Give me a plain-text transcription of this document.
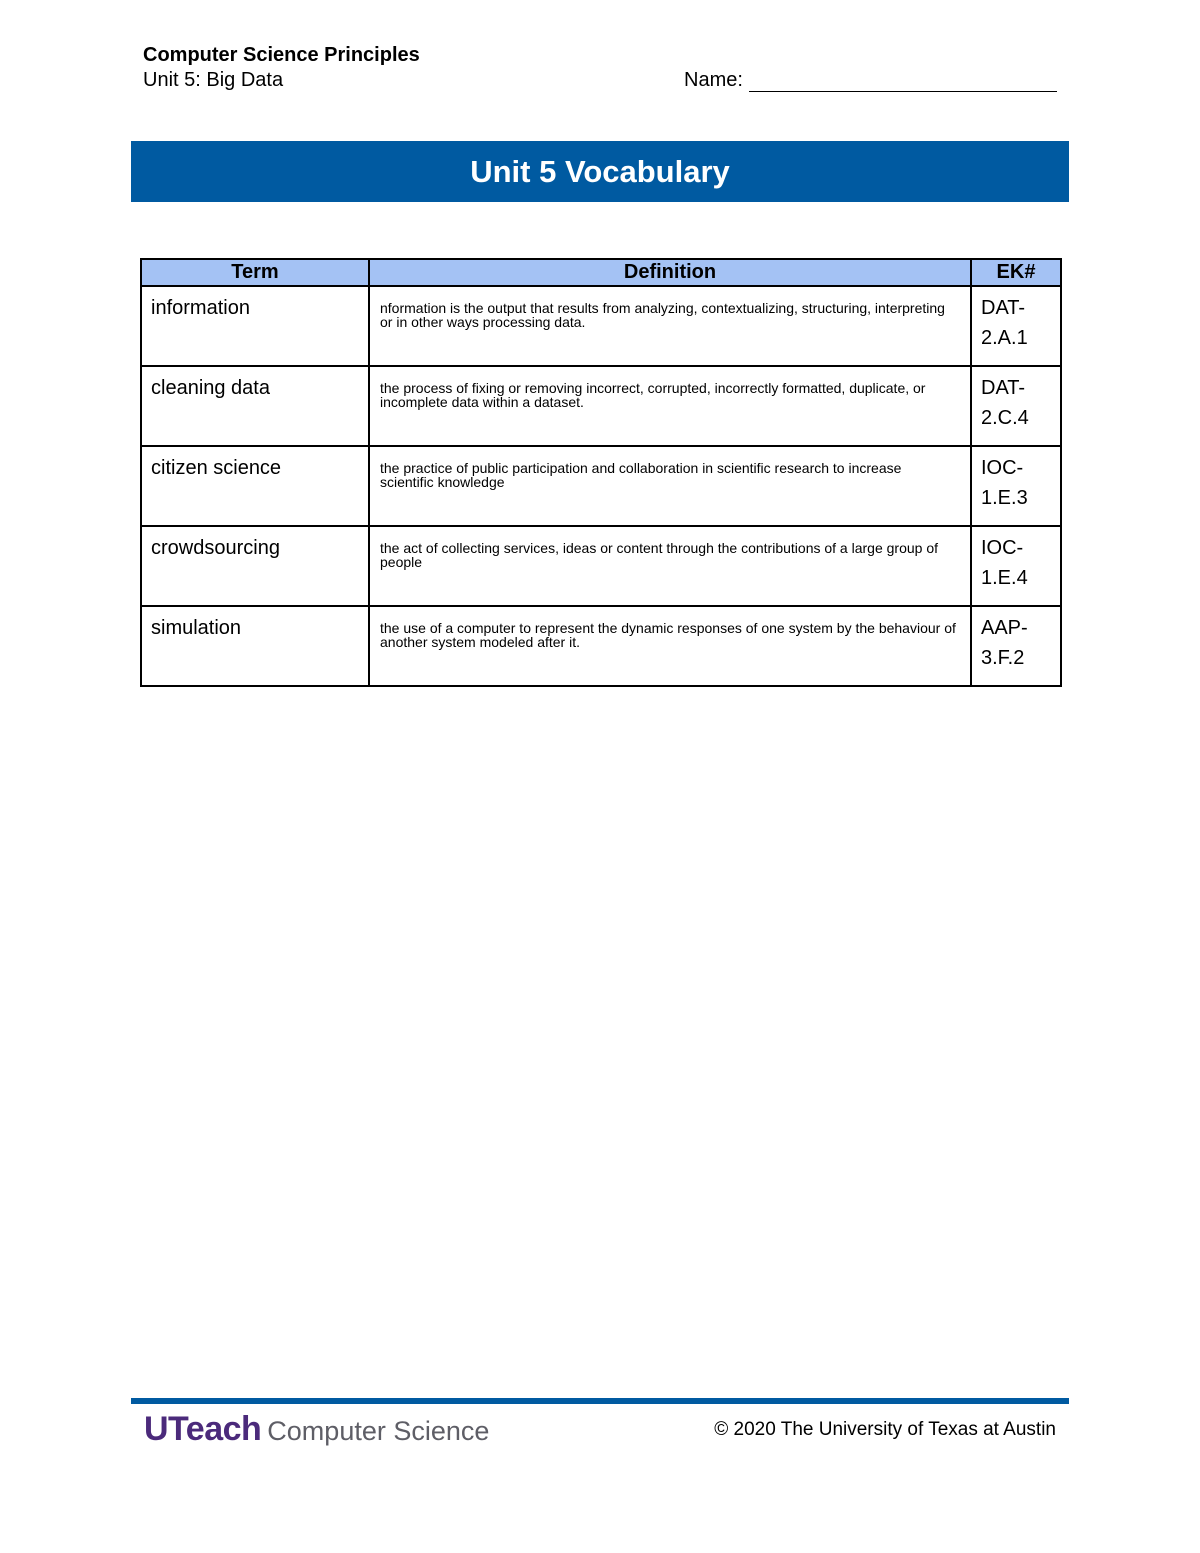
Computer Science Principles
Unit 5: Big Data	Name:
Unit 5 Vocabulary
Term	Definition	EK#

information	nformation is the output that results from analyzing, contextualizing, structuring, interpreting or in other ways processing data.	DAT-2.A.1

cleaning data	the process of fixing or removing incorrect, corrupted, incorrectly formatted, duplicate, or incomplete data within a dataset.	DAT-2.C.4

citizen science	the practice of public participation and collaboration in scientific research to increase scientific knowledge	IOC-1.E.3

crowdsourcing	the act of collecting services, ideas or content through the contributions of a large group of people	IOC-1.E.4

simulation	the use of a computer to represent the dynamic responses of one system by the behaviour of another system modeled after it.	AAP-3.F.2
UTeach Computer Science	© 2020 The University of Texas at Austin
